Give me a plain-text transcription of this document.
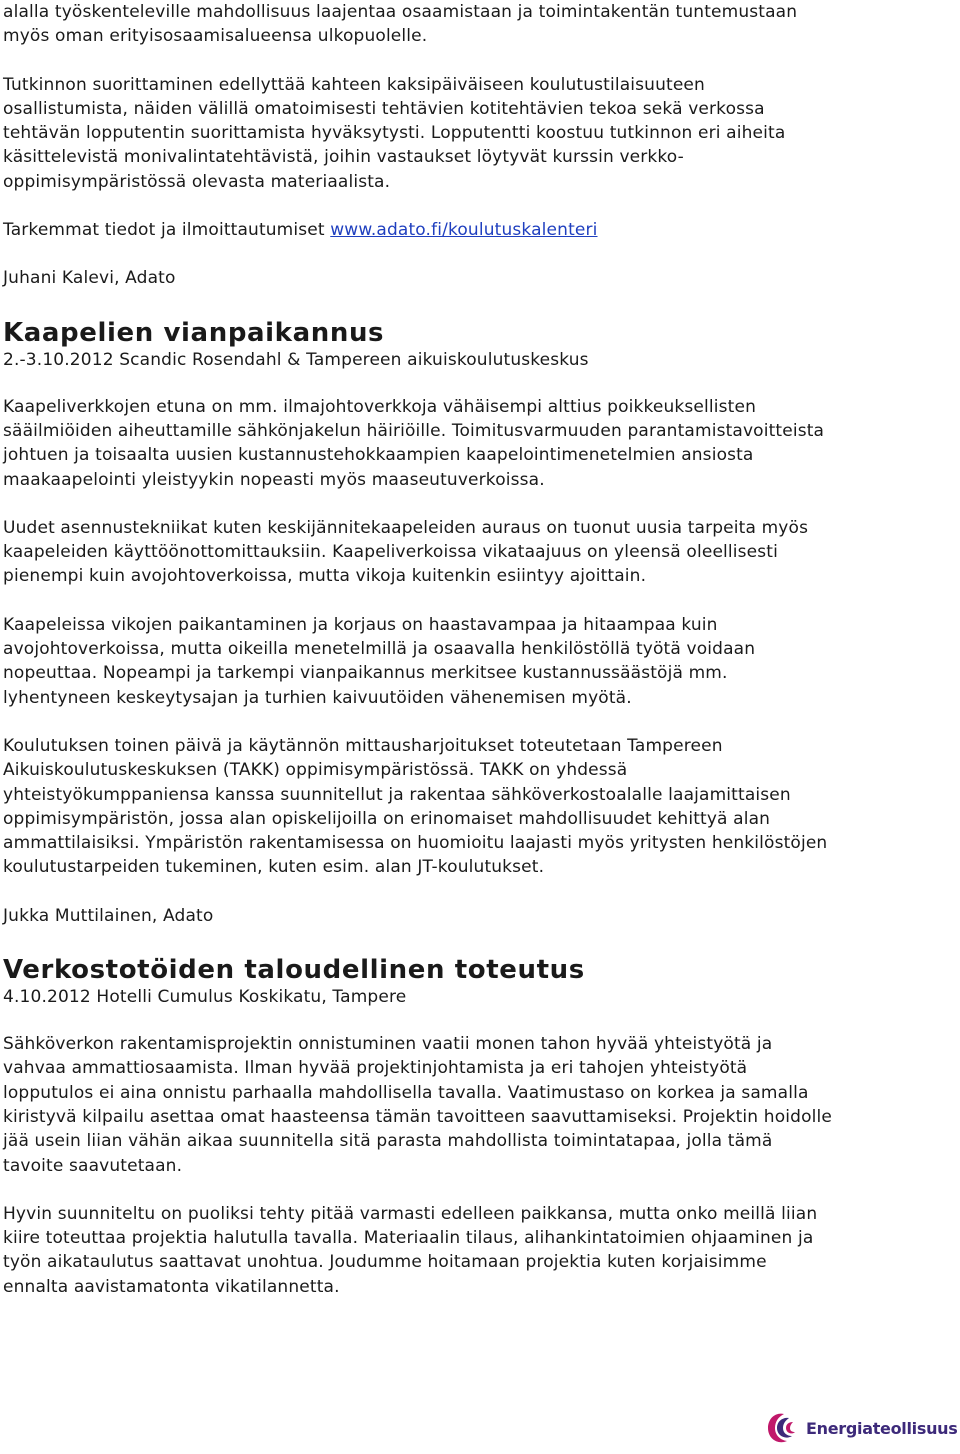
alalla työskenteleville mahdollisuus laajentaa osaamistaan ja toimintakentän tuntemustaan
myös oman erityisosaamisalueensa ulkopuolelle.

Tutkinnon suorittaminen edellyttää kahteen kaksipäiväiseen koulutustilaisuuteen
osallistumista, näiden välillä omatoimisesti tehtävien kotitehtävien tekoa sekä verkossa
tehtävän lopputentin suorittamista hyväksytysti. Lopputentti koostuu tutkinnon eri aiheita
käsittelevistä monivalintatehtävistä, joihin vastaukset löytyvät kurssin verkko-
oppimisympäristössä olevasta materiaalista.

Tarkemmat tiedot ja ilmoittautumiset www.adato.fi/koulutuskalenteri

Juhani Kalevi, Adato

Kaapelien vianpaikannus

2.-3.10.2012 Scandic Rosendahl & Tampereen aikuiskoulutuskeskus

Kaapeliverkkojen etuna on mm. ilmajohtoverkkoja vähäisempi alttius poikkeuksellisten
sääilmiöiden aiheuttamille sähkönjakelun häiriöille. Toimitusvarmuuden parantamistavoitteista
johtuen ja toisaalta uusien kustannustehokkaampien kaapelointimenetelmien ansiosta
maakaapelointi yleistyykin nopeasti myös maaseutuverkoissa.

Uudet asennustekniikat kuten keskijännitekaapeleiden auraus on tuonut uusia tarpeita myös
kaapeleiden käyttöönottomittauksiin. Kaapeliverkoissa vikataajuus on yleensä oleellisesti
pienempi kuin avojohtoverkoissa, mutta vikoja kuitenkin esiintyy ajoittain.

Kaapeleissa vikojen paikantaminen ja korjaus on haastavampaa ja hitaampaa kuin
avojohtoverkoissa, mutta oikeilla menetelmillä ja osaavalla henkilöstöllä työtä voidaan
nopeuttaa. Nopeampi ja tarkempi vianpaikannus merkitsee kustannussäästöjä mm.
lyhentyneen keskeytysajan ja turhien kaivuutöiden vähenemisen myötä.

Koulutuksen toinen päivä ja käytännön mittausharjoitukset toteutetaan Tampereen
Aikuiskoulutuskeskuksen (TAKK) oppimisympäristössä. TAKK on yhdessä
yhteistyökumppaniensa kanssa suunnitellut ja rakentaa sähköverkostoalalle laajamittaisen
oppimisympäristön, jossa alan opiskelijoilla on erinomaiset mahdollisuudet kehittyä alan
ammattilaisiksi. Ympäristön rakentamisessa on huomioitu laajasti myös yritysten henkilöstöjen
koulutustarpeiden tukeminen, kuten esim. alan JT-koulutukset.

Jukka Muttilainen, Adato

Verkostotöiden taloudellinen toteutus

4.10.2012 Hotelli Cumulus Koskikatu, Tampere

Sähköverkon rakentamisprojektin onnistuminen vaatii monen tahon hyvää yhteistyötä ja
vahvaa ammattiosaamista. Ilman hyvää projektinjohtamista ja eri tahojen yhteistyötä
lopputulos ei aina onnistu parhaalla mahdollisella tavalla. Vaatimustaso on korkea ja samalla
kiristyvä kilpailu asettaa omat haasteensa tämän tavoitteen saavuttamiseksi. Projektin hoidolle
jää usein liian vähän aikaa suunnitella sitä parasta mahdollista toimintatapaa, jolla tämä
tavoite saavutetaan.

Hyvin suunniteltu on puoliksi tehty pitää varmasti edelleen paikkansa, mutta onko meillä liian
kiire toteuttaa projektia halutulla tavalla. Materiaalin tilaus, alihankintatoimien ohjaaminen ja
työn aikataulutus saattavat unohtua. Joudumme hoitamaan projektia kuten korjaisimme
ennalta aavistamatonta vikatilannetta.

Energiateollisuus
